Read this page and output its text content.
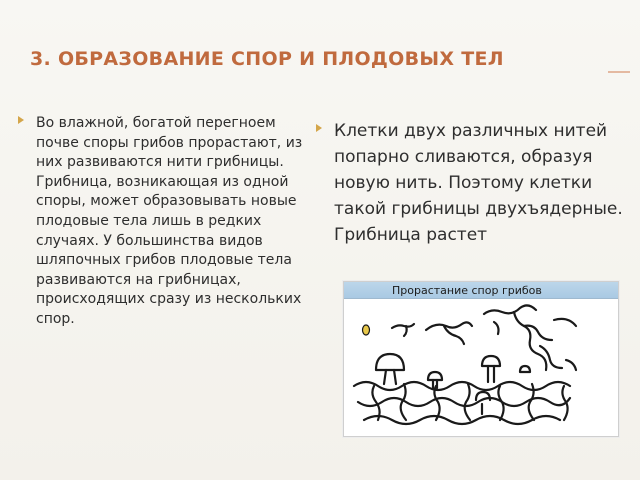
3. ОБРАЗОВАНИЕ СПОР И ПЛОДОВЫХ ТЕЛ
Во влажной, богатой перегноем почве споры грибов прорастают, из них развиваются нити грибницы. Грибница, возникающая из одной споры, может образовывать новые плодовые тела лишь в редких случаях. У большинства видов шляпочных грибов плодовые тела развиваются на грибницах, происходящих сразу из нескольких спор.
Клетки двух различных нитей попарно сливаются, образуя новую нить. Поэтому клетки такой грибницы двухъядерные. Грибница растет
Прорастание спор грибов
